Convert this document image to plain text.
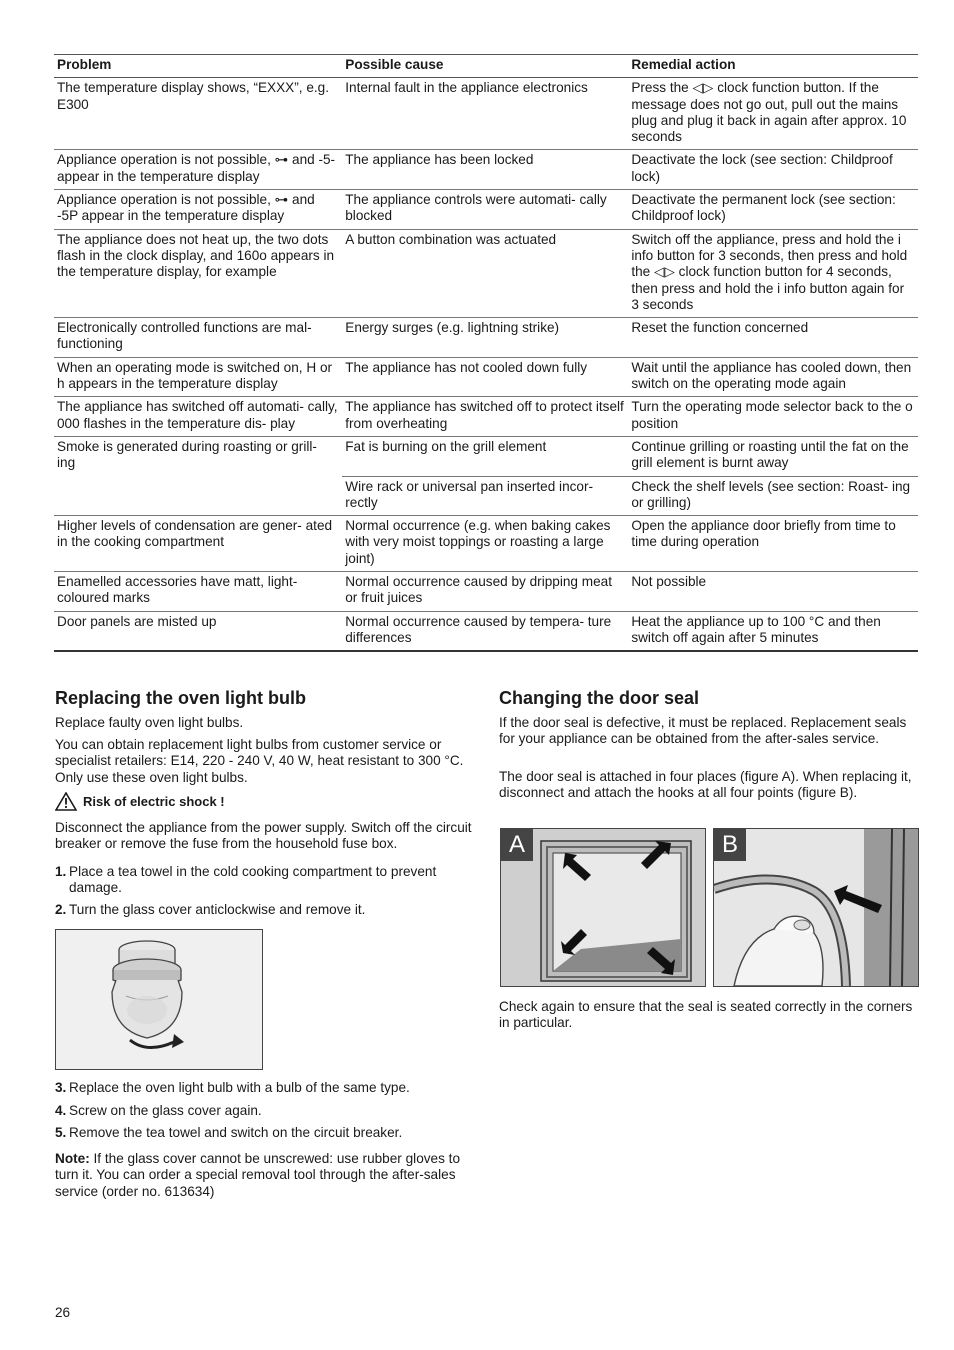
Problem	Possible cause	Remedial action
The temperature display shows, “EXXX”, e.g. E300	Internal fault in the appliance electronics	Press the ◁▷ clock function button. If the message does not go out, pull out the mains plug and plug it back in again after approx. 10 seconds
Appliance operation is not possible, ⊶ and -5- appear in the temperature display	The appliance has been locked	Deactivate the lock (see section: Childproof lock)
Appliance operation is not possible, ⊶ and -5P appear in the temperature display	The appliance controls were automati- cally blocked	Deactivate the permanent lock (see section: Childproof lock)
The appliance does not heat up, the two dots flash in the clock display, and 160o appears in the temperature display, for example	A button combination was actuated	Switch off the appliance, press and hold the i info button for 3 seconds, then press and hold the ◁▷ clock function button for 4 seconds, then press and hold the i info button again for 3 seconds
Electronically controlled functions are mal- functioning	Energy surges (e.g. lightning strike)	Reset the function concerned
When an operating mode is switched on, H or h appears in the temperature display	The appliance has not cooled down fully	Wait until the appliance has cooled down, then switch on the operating mode again
The appliance has switched off automati- cally, 000 flashes in the temperature dis- play	The appliance has switched off to protect itself from overheating	Turn the operating mode selector back to the o position
Smoke is generated during roasting or grill- ing	Fat is burning on the grill element	Continue grilling or roasting until the fat on the grill element is burnt away
	Wire rack or universal pan inserted incor- rectly	Check the shelf levels (see section: Roast- ing or grilling)
Higher levels of condensation are gener- ated in the cooking compartment	Normal occurrence (e.g. when baking cakes with very moist toppings or roasting a large joint)	Open the appliance door briefly from time to time during operation
Enamelled accessories have matt, light- coloured marks	Normal occurrence caused by dripping meat or fruit juices	Not possible
Door panels are misted up	Normal occurrence caused by tempera- ture differences	Heat the appliance up to 100 °C and then switch off again after 5 minutes
Replacing the oven light bulb

Replace faulty oven light bulbs.

You can obtain replacement light bulbs from customer service or specialist retailers: E14, 220 - 240 V, 40 W, heat resistant to 300 °C. Only use these oven light bulbs.

Risk of electric shock !

Disconnect the appliance from the power supply. Switch off the circuit breaker or remove the fuse from the household fuse box.

1. Place a tea towel in the cold cooking compartment to prevent damage.
2. Turn the glass cover anticlockwise and remove it.
3. Replace the oven light bulb with a bulb of the same type.
4. Screw on the glass cover again.
5. Remove the tea towel and switch on the circuit breaker.

Note: If the glass cover cannot be unscrewed: use rubber gloves to turn it. You can order a special removal tool through the after-sales service (order no. 613634)

Changing the door seal

If the door seal is defective, it must be replaced. Replacement seals for your appliance can be obtained from the after-sales service.

The door seal is attached in four places (figure A). When replacing it, disconnect and attach the hooks at all four points (figure B).

A	B

Check again to ensure that the seal is seated correctly in the corners in particular.

26
